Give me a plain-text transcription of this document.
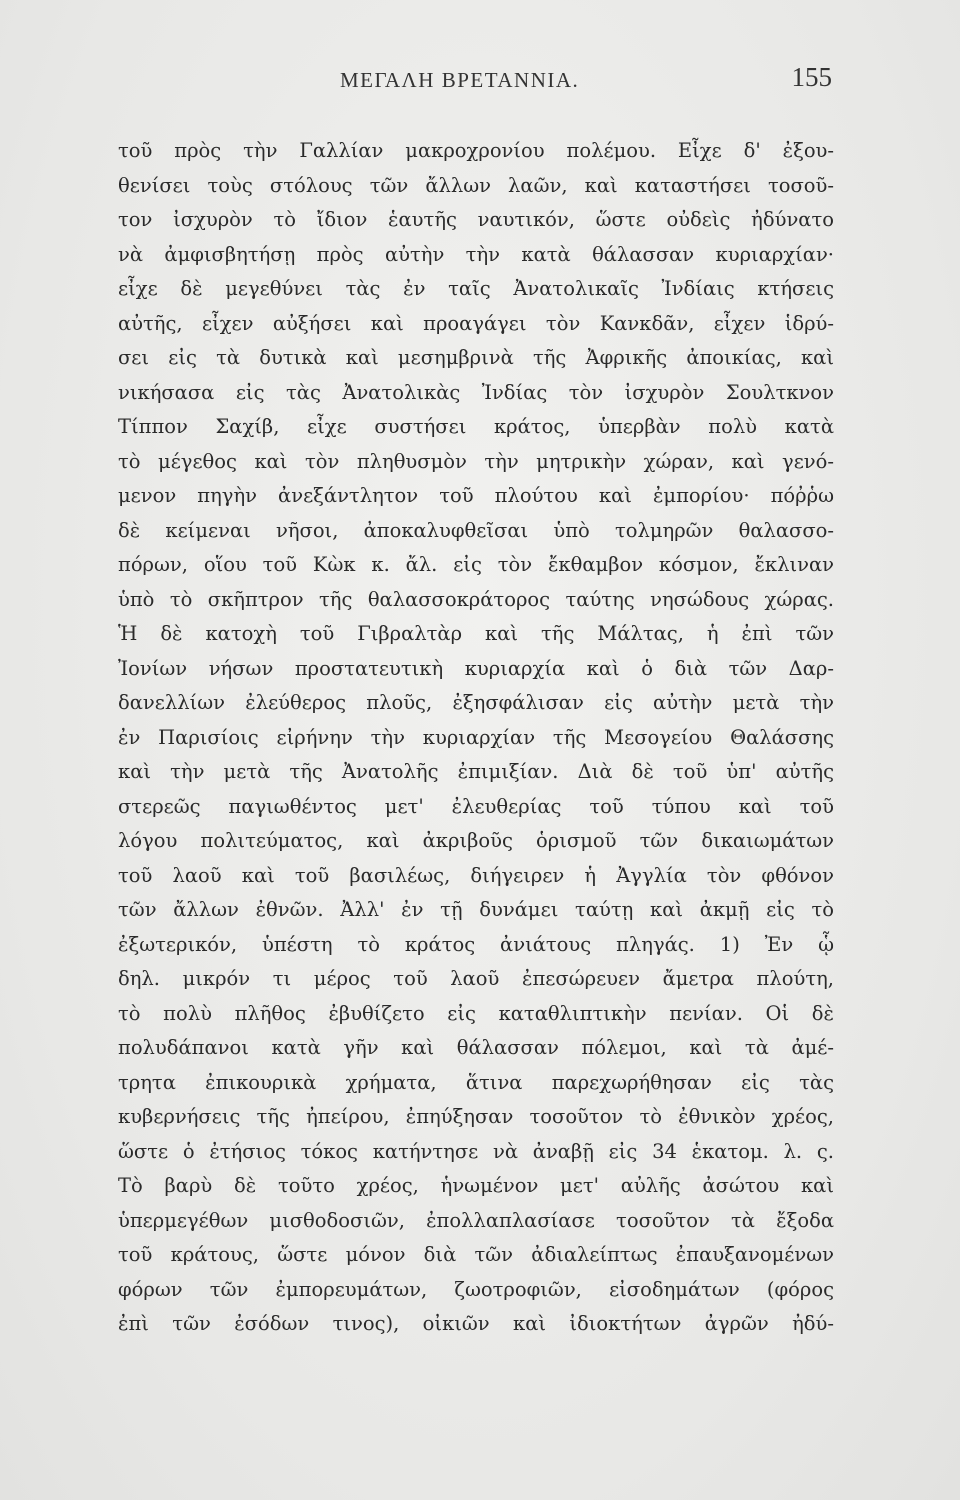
ΜΕΓΑΛΗ ΒΡΕΤΑΝΝΙΑ.	155
τοῦ πρὸς τὴν Γαλλίαν μακροχρονίου πολέμου. Εἶχε δ' ἐξου-
θενίσει τοὺς στόλους τῶν ἄλλων λαῶν, καὶ καταστήσει τοσοῦ-
τον ἰσχυρὸν τὸ ἴδιον ἑαυτῆς ναυτικόν, ὥστε οὐδεὶς ἠδύνατο
νὰ ἀμφισβητήσῃ πρὸς αὐτὴν τὴν κατὰ θάλασσαν κυριαρχίαν·
εἶχε δὲ μεγεθύνει τὰς ἐν ταῖς Ἀνατολικαῖς Ἰνδίαις κτήσεις
αὐτῆς, εἶχεν αὐξήσει καὶ προαγάγει τὸν Κανκδᾶν, εἶχεν ἱδρύ-
σει εἰς τὰ δυτικὰ καὶ μεσημβρινὰ τῆς Ἀφρικῆς ἀποικίας, καὶ
νικήσασα εἰς τὰς Ἀνατολικὰς Ἰνδίας τὸν ἰσχυρὸν Σουλτκνον
Τίππον Σαχίβ, εἶχε συστήσει κράτος, ὑπερβὰν πολὺ κατὰ
τὸ μέγεθος καὶ τὸν πληθυσμὸν τὴν μητρικὴν χώραν, καὶ γενό-
μενον πηγὴν ἀνεξάντλητον τοῦ πλούτου καὶ ἐμπορίου· πόῤῥω
δὲ κείμεναι νῆσοι, ἀποκαλυφθεῖσαι ὑπὸ τολμηρῶν θαλασσο-
πόρων, οἵου τοῦ Κὼκ κ. ἄλ. εἰς τὸν ἔκθαμβον κόσμον, ἔκλιναν
ὑπὸ τὸ σκῆπτρον τῆς θαλασσοκράτορος ταύτης νησώδους χώρας.
Ἡ δὲ κατοχὴ τοῦ Γιβραλτὰρ καὶ τῆς Μάλτας, ἡ ἐπὶ τῶν
Ἰονίων νήσων προστατευτικὴ κυριαρχία καὶ ὁ διὰ τῶν Δαρ-
δανελλίων ἐλεύθερος πλοῦς, ἐξησφάλισαν εἰς αὐτὴν μετὰ τὴν
ἐν Παρισίοις εἰρήνην τὴν κυριαρχίαν τῆς Μεσογείου Θαλάσσης
καὶ τὴν μετὰ τῆς Ἀνατολῆς ἐπιμιξίαν. Διὰ δὲ τοῦ ὑπ' αὐτῆς
στερεῶς παγιωθέντος μετ' ἐλευθερίας τοῦ τύπου καὶ τοῦ
λόγου πολιτεύματος, καὶ ἀκριβοῦς ὁρισμοῦ τῶν δικαιωμάτων
τοῦ λαοῦ καὶ τοῦ βασιλέως, διήγειρεν ἡ Ἀγγλία τὸν φθόνον
τῶν ἄλλων ἐθνῶν. Ἀλλ' ἐν τῇ δυνάμει ταύτῃ καὶ ἀκμῇ εἰς τὸ
ἐξωτερικόν, ὑπέστη τὸ κράτος ἀνιάτους πληγάς. 1) Ἐν ᾧ
δηλ. μικρόν τι μέρος τοῦ λαοῦ ἐπεσώρευεν ἄμετρα πλούτη,
τὸ πολὺ πλῆθος ἐβυθίζετο εἰς καταθλιπτικὴν πενίαν. Οἱ δὲ
πολυδάπανοι κατὰ γῆν καὶ θάλασσαν πόλεμοι, καὶ τὰ ἀμέ-
τρητα ἐπικουρικὰ χρήματα, ἅτινα παρεχωρήθησαν εἰς τὰς
κυβερνήσεις τῆς ἠπείρου, ἐπηύξησαν τοσοῦτον τὸ ἐθνικὸν χρέος,
ὥστε ὁ ἐτήσιος τόκος κατήντησε νὰ ἀναβῇ εἰς 34 ἑκατομ. λ. ς.
Τὸ βαρὺ δὲ τοῦτο χρέος, ἡνωμένον μετ' αὐλῆς ἀσώτου καὶ
ὑπερμεγέθων μισθοδοσιῶν, ἐπολλαπλασίασε τοσοῦτον τὰ ἔξοδα
τοῦ κράτους, ὥστε μόνον διὰ τῶν ἀδιαλείπτως ἐπαυξανομένων
φόρων τῶν ἐμπορευμάτων, ζωοτροφιῶν, εἰσοδημάτων (φόρος
ἐπὶ τῶν ἐσόδων τινος), οἰκιῶν καὶ ἰδιοκτήτων ἀγρῶν ἠδύ-
